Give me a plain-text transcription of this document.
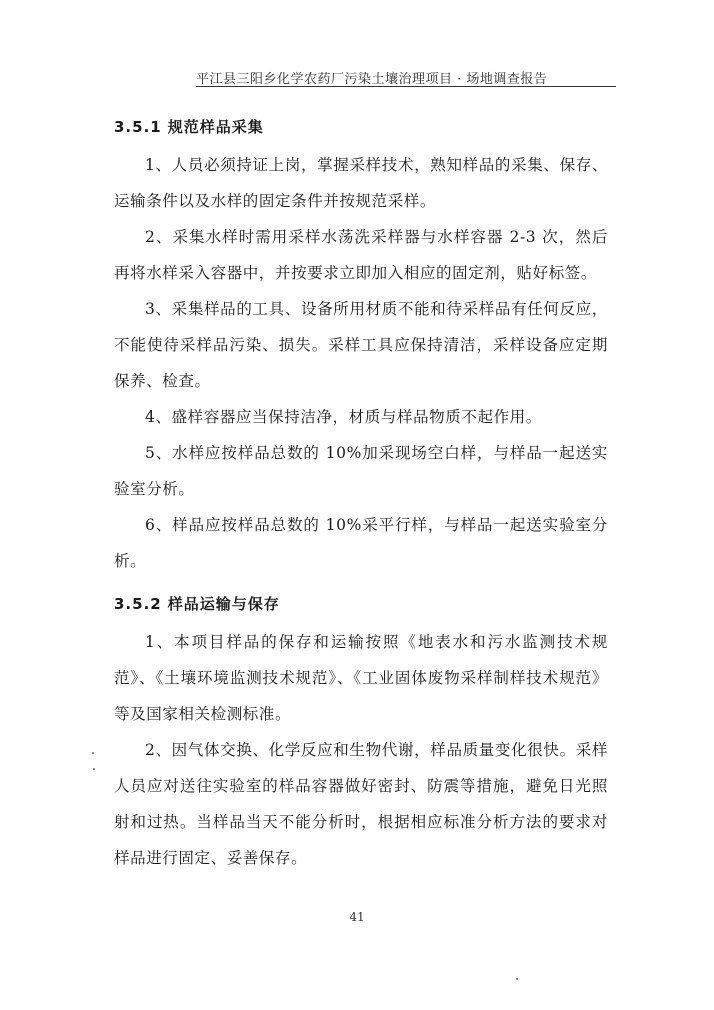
平江县三阳乡化学农药厂污染土壤治理项目 · 场地调查报告
3.5.1 规范样品采集

1、人员必须持证上岗，掌握采样技术，熟知样品的采集、保存、运输条件以及水样的固定条件并按规范采样。

2、采集水样时需用采样水荡洗采样器与水样容器 2-3 次，然后再将水样采入容器中，并按要求立即加入相应的固定剂，贴好标签。

3、采集样品的工具、设备所用材质不能和待采样品有任何反应，不能使待采样品污染、损失。采样工具应保持清洁，采样设备应定期保养、检查。

4、盛样容器应当保持洁净，材质与样品物质不起作用。

5、水样应按样品总数的 10%加采现场空白样，与样品一起送实验室分析。

6、样品应按样品总数的 10%采平行样，与样品一起送实验室分析。

3.5.2 样品运输与保存

1、本项目样品的保存和运输按照《地表水和污水监测技术规范》、《土壤环境监测技术规范》、《工业固体废物采样制样技术规范》等及国家相关检测标准。

2、因气体交换、化学反应和生物代谢，样品质量变化很快。采样人员应对送往实验室的样品容器做好密封、防震等措施，避免日光照射和过热。当样品当天不能分析时，根据相应标准分析方法的要求对样品进行固定、妥善保存。

41
